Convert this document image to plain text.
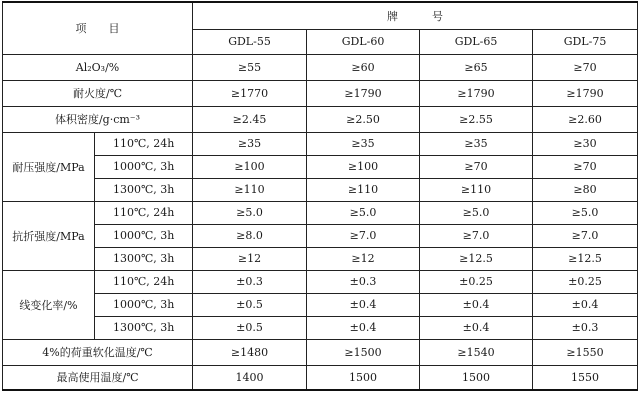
项目		牌号			
		GDL-55	GDL-60	GDL-65	GDL-75
Al₂O₃/%		≥55	≥60	≥65	≥70
耐火度/℃		≥1770	≥1790	≥1790	≥1790
体积密度/g·cm⁻³		≥2.45	≥2.50	≥2.55	≥2.60
耐压强度/MPa	110℃, 24h	≥35	≥35	≥35	≥30
	1000℃, 3h	≥100	≥100	≥70	≥70
	1300℃, 3h	≥110	≥110	≥110	≥80
抗折强度/MPa	110℃, 24h	≥5.0	≥5.0	≥5.0	≥5.0
	1000℃, 3h	≥8.0	≥7.0	≥7.0	≥7.0
	1300℃, 3h	≥12	≥12	≥12.5	≥12.5
线变化率/%	110℃, 24h	±0.3	±0.3	±0.25	±0.25
	1000℃, 3h	±0.5	±0.4	±0.4	±0.4
	1300℃, 3h	±0.5	±0.4	±0.4	±0.3
4%的荷重软化温度/℃		≥1480	≥1500	≥1540	≥1550
最高使用温度/℃		1400	1500	1500	1550
